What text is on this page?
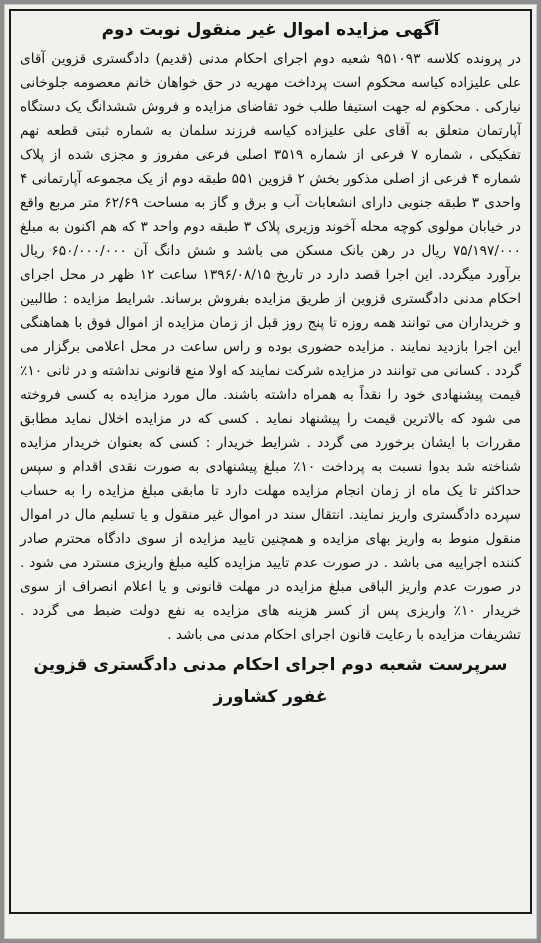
آگهی مزایده اموال غیر منقول نوبت دوم

در پرونده کلاسه ۹۵۱۰۹۳ شعبه دوم اجرای احکام مدنی (قدیم) دادگستری قزوین آقای علی علیزاده کیاسه محکوم است پرداخت مهریه در حق خواهان خانم معصومه جلوخانی نیارکی . محکوم له جهت استیفا طلب خود تقاضای مزایده و فروش ششدانگ یک دستگاه آپارتمان متعلق به آقای علی علیزاده کیاسه فرزند سلمان به شماره ثبتی قطعه نهم تفکیکی ، شماره ۷ فرعی از شماره ۳۵۱۹ اصلی فرعی مفروز و مجزی شده از پلاک شماره ۴ فرعی از اصلی مذکور بخش ۲ قزوین ۵۵۱ طبقه دوم از یک مجموعه آپارتمانی ۴ واحدی ۳ طبقه جنوبی دارای انشعابات آب و برق و گاز به مساحت ۶۲/۶۹ متر مربع واقع در خیابان مولوی کوچه محله آخوند وزیری پلاک ۳ طبقه دوم واحد ۳ که هم اکنون به مبلغ ۷۵/۱۹۷/۰۰۰ ریال در رهن بانک مسکن می باشد و شش دانگ آن ۶۵۰/۰۰۰/۰۰۰ ریال برآورد میگردد. این اجرا قصد دارد در تاریخ ۱۳۹۶/۰۸/۱۵ ساعت ۱۲ ظهر در محل اجرای احکام مدنی دادگستری قزوین از طریق مزایده بفروش برساند. شرایط مزایده : طالبین و خریداران می توانند همه روزه تا پنج روز قبل از زمان مزایده از اموال فوق با هماهنگی این اجرا بازدید نمایند . مزایده حضوری بوده و راس ساعت در محل اعلامی برگزار می گردد . کسانی می توانند در مزایده شرکت نمایند که اولا منع قانونی نداشته و در ثانی ۱۰٪ قیمت پیشنهادی خود را نقداً به همراه داشته باشند. مال مورد مزایده به کسی فروخته می شود که بالاترین قیمت را پیشنهاد نماید . کسی که در مزایده اخلال نماید مطابق مقررات با ایشان برخورد می گردد . شرایط خریدار : کسی که بعنوان خریدار مزایده شناخته شد بدوا نسبت به پرداخت ۱۰٪ مبلغ پیشنهادی به صورت نقدی اقدام و سپس حداکثر تا یک ماه از زمان انجام مزایده مهلت دارد تا مابقی مبلغ مزایده را به حساب سپرده دادگستری واریز نمایند. انتقال سند در اموال غیر منقول و یا تسلیم مال در اموال منقول منوط به واریز بهای مزایده و همچنین تایید مزایده از سوی دادگاه محترم صادر کننده اجراییه می باشد . در صورت عدم تایید مزایده کلیه مبلغ واریزی مسترد می شود . در صورت عدم واریز الباقی مبلغ مزایده در مهلت قانونی و یا اعلام انصراف از سوی خریدار ۱۰٪ واریزی پس از کسر هزینه های مزایده به نفع دولت ضبط می گردد . تشریفات مزایده با رعایت قانون اجرای احکام مدنی می باشد .

سرپرست شعبه دوم اجرای احکام مدنی دادگستری قزوین
غفور کشاورز
